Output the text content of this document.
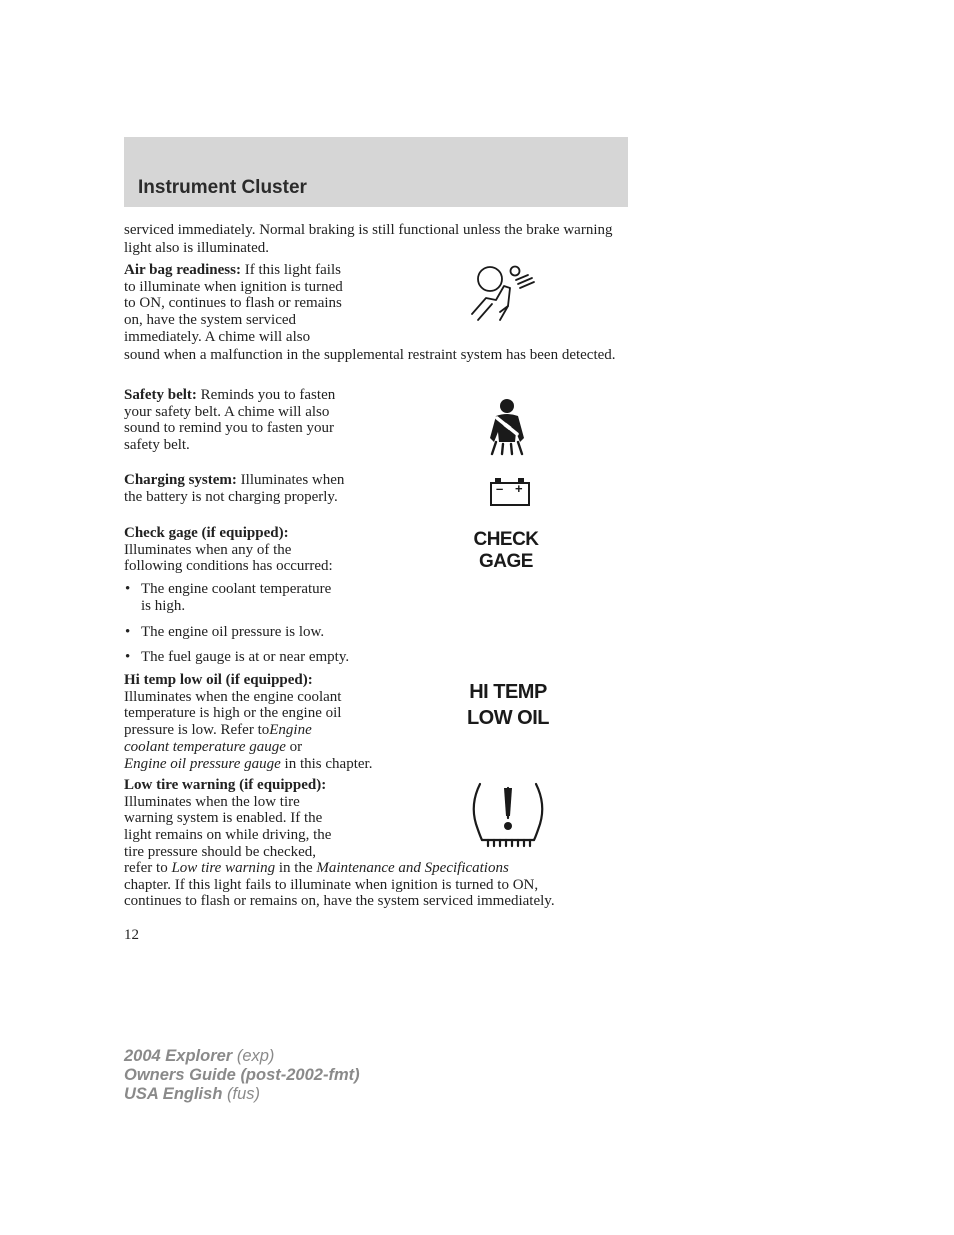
Instrument Cluster
serviced immediately. Normal braking is still functional unless the brake warning light also is illuminated.
Air bag readiness: If this light fails
to illuminate when ignition is turned
to ON, continues to flash or remains
on, have the system serviced
immediately. A chime will also
sound when a malfunction in the supplemental restraint system has been detected.
Safety belt: Reminds you to fasten
your safety belt. A chime will also
sound to remind you to fasten your
safety belt.
Charging system: Illuminates when
the battery is not charging properly.
– +
Check gage (if equipped):
Illuminates when any of the
following conditions has occurred:
CHECK
GAGE
• The engine coolant temperature
is high.
• The engine oil pressure is low.
• The fuel gauge is at or near empty.
Hi temp low oil (if equipped):
Illuminates when the engine coolant
temperature is high or the engine oil
pressure is low. Refer toEngine
coolant temperature gauge or
Engine oil pressure gauge in this chapter.
HI TEMP
LOW OIL
Low tire warning (if equipped):
Illuminates when the low tire
warning system is enabled. If the
light remains on while driving, the
tire pressure should be checked,
refer to Low tire warning in the Maintenance and Specifications
chapter. If this light fails to illuminate when ignition is turned to ON,
continues to flash or remains on, have the system serviced immediately.
12
2004 Explorer (exp)
Owners Guide (post-2002-fmt)
USA English (fus)
